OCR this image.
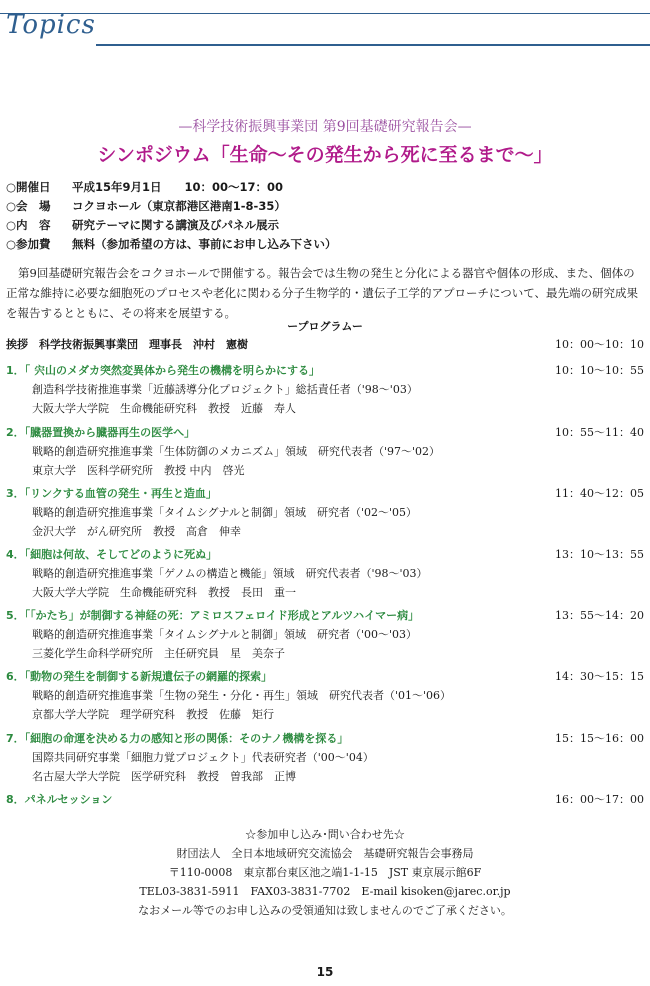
Topics
—科学技術振興事業団 第9回基礎研究報告会—
シンポジウム「生命〜その発生から死に至るまで〜」
○開催日 平成15年9月1日　　10：00〜17：00
○会　場 コクヨホール（東京都港区港南1-8-35）
○内　容 研究テーマに関する講演及びパネル展示
○参加費 無料（参加希望の方は、事前にお申し込み下さい）
第9回基礎研究報告会をコクヨホールで開催する。報告会では生物の発生と分化による器官や個体の形成、また、個体の正常な維持に必要な細胞死のプロセスや老化に関わる分子生物学的・遺伝子工学的アプローチについて、最先端の研究成果を報告するとともに、その将来を展望する。
ープログラムー
挨拶　科学技術振興事業団　理事長　沖村　憲樹	10：00〜10：10
1．「 宍山のメダカ突然変異体から発生の機構を明らかにする」	10：10〜10：55
創造科学技術推進事業「近藤誘導分化プロジェクト」総括責任者（'98〜'03）
大阪大学大学院　生命機能研究科　教授　近藤　寿人
2．「臓器置換から臓器再生の医学へ」	10：55〜11：40
戦略的創造研究推進事業「生体防御のメカニズム」領域　研究代表者（'97〜'02）
東京大学　医科学研究所　教授 中内　啓光
3．「リンクする血管の発生・再生と造血」	11：40〜12：05
戦略的創造研究推進事業「タイムシグナルと制御」領域　研究者（'02〜'05）
金沢大学　がん研究所　教授　高倉　伸幸
4．「細胞は何故、そしてどのように死ぬ」	13：10〜13：55
戦略的創造研究推進事業「ゲノムの構造と機能」領域　研究代表者（'98〜'03）
大阪大学大学院　生命機能研究科　教授　長田　重一
5．「「かたち」が制御する神経の死：アミロスフェロイド形成とアルツハイマー病」	13：55〜14：20
戦略的創造研究推進事業「タイムシグナルと制御」領域　研究者（'00〜'03）
三菱化学生命科学研究所　主任研究員　星　美奈子
6．「動物の発生を制御する新規遺伝子の網羅的探索」	14：30〜15：15
戦略的創造研究推進事業「生物の発生・分化・再生」領域　研究代表者（'01〜'06）
京都大学大学院　理学研究科　教授　佐藤　矩行
7．「細胞の命運を決める力の感知と形の関係：そのナノ機構を探る」	15：15〜16：00
国際共同研究事業「細胞力覚プロジェクト」代表研究者（'00〜'04）
名古屋大学大学院　医学研究科　教授　曽我部　正博
8．パネルセッション	16：00〜17：00
☆参加申し込み･問い合わせ先☆
財団法人　全日本地域研究交流協会　基礎研究報告会事務局
〒110-0008　東京都台東区池之端1-1-15　JST 東京展示館6F
TEL03-3831-5911　FAX03-3831-7702　E-mail kisoken@jarec.or.jp
なおメール等でのお申し込みの受領通知は致しませんのでご了承ください。
15
